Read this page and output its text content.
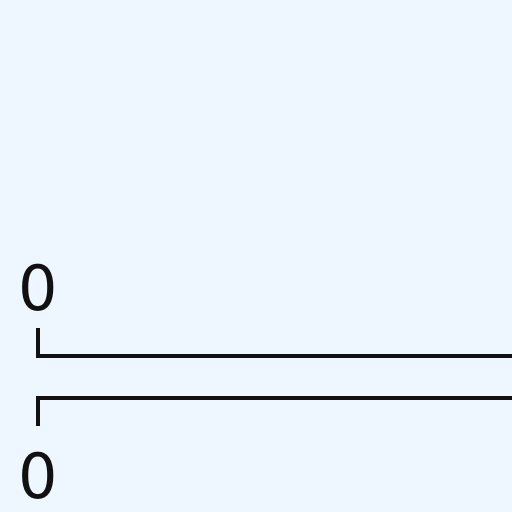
0
0
